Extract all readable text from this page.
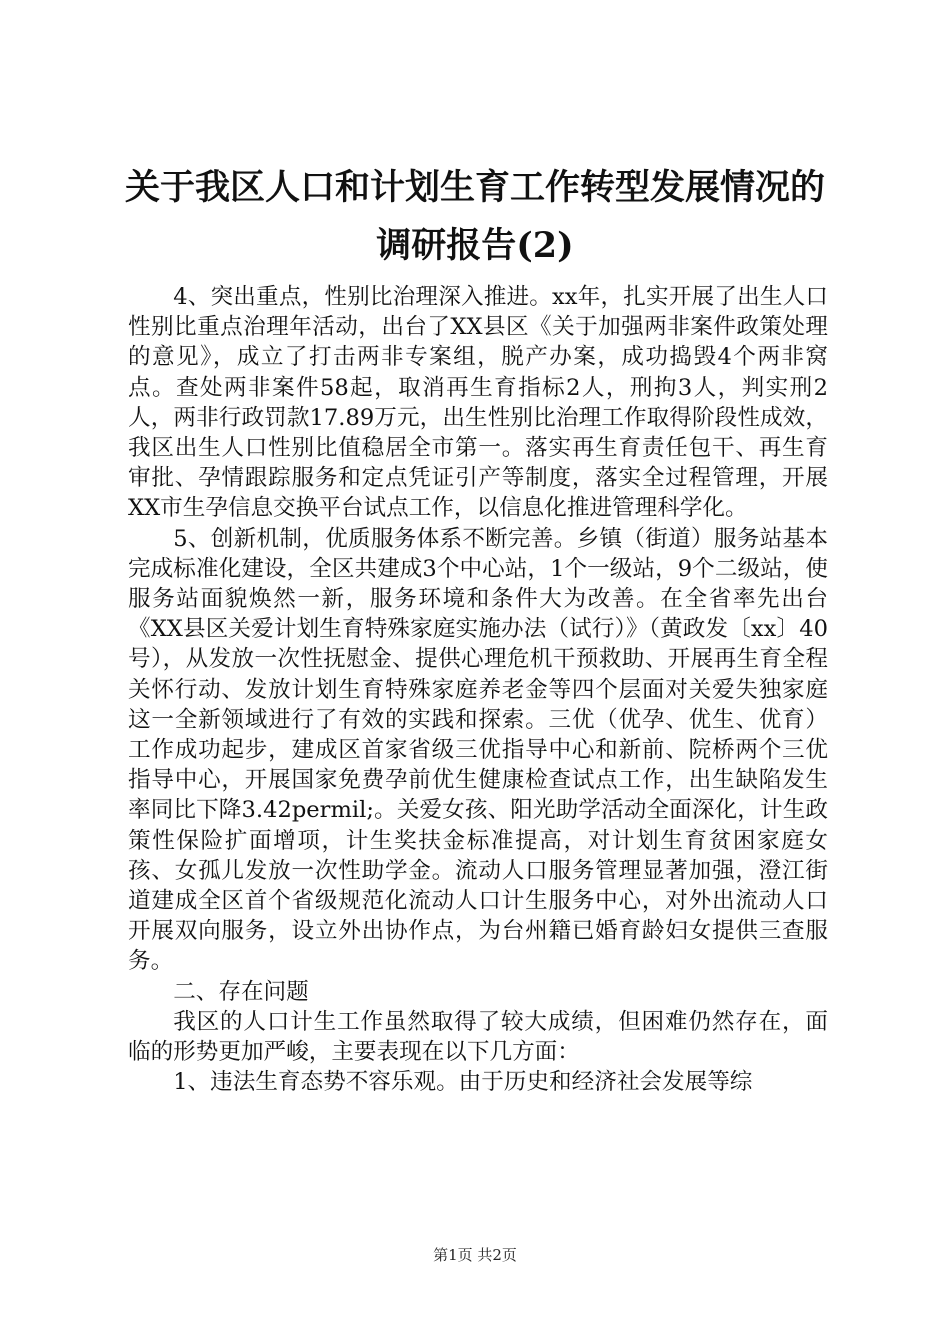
关于我区人口和计划生育工作转型发展情况的
调研报告(2)

4、突出重点，性别比治理深入推进。xx年，扎实开展了出生人口性别比重点治理年活动，出台了XX县区《关于加强两非案件政策处理的意见》，成立了打击两非专案组，脱产办案，成功捣毁4个两非窝点。查处两非案件58起，取消再生育指标2人，刑拘3人，判实刑2人，两非行政罚款17.89万元，出生性别比治理工作取得阶段性成效，我区出生人口性别比值稳居全市第一。落实再生育责任包干、再生育审批、孕情跟踪服务和定点凭证引产等制度，落实全过程管理，开展XX市生孕信息交换平台试点工作，以信息化推进管理科学化。

5、创新机制，优质服务体系不断完善。乡镇（街道）服务站基本完成标准化建设，全区共建成3个中心站，1个一级站，9个二级站，使服务站面貌焕然一新，服务环境和条件大为改善。在全省率先出台《XX县区关爱计划生育特殊家庭实施办法（试行）》（黄政发〔xx〕40号），从发放一次性抚慰金、提供心理危机干预救助、开展再生育全程关怀行动、发放计划生育特殊家庭养老金等四个层面对关爱失独家庭这一全新领域进行了有效的实践和探索。三优（优孕、优生、优育）工作成功起步，建成区首家省级三优指导中心和新前、院桥两个三优指导中心，开展国家免费孕前优生健康检查试点工作，出生缺陷发生率同比下降3.42permil;。关爱女孩、阳光助学活动全面深化，计生政策性保险扩面增项，计生奖扶金标准提高，对计划生育贫困家庭女孩、女孤儿发放一次性助学金。流动人口服务管理显著加强，澄江街道建成全区首个省级规范化流动人口计生服务中心，对外出流动人口开展双向服务，设立外出协作点，为台州籍已婚育龄妇女提供三查服务。

二、存在问题

我区的人口计生工作虽然取得了较大成绩，但困难仍然存在，面临的形势更加严峻，主要表现在以下几方面：

1、违法生育态势不容乐观。由于历史和经济社会发展等综

第1页 共2页
